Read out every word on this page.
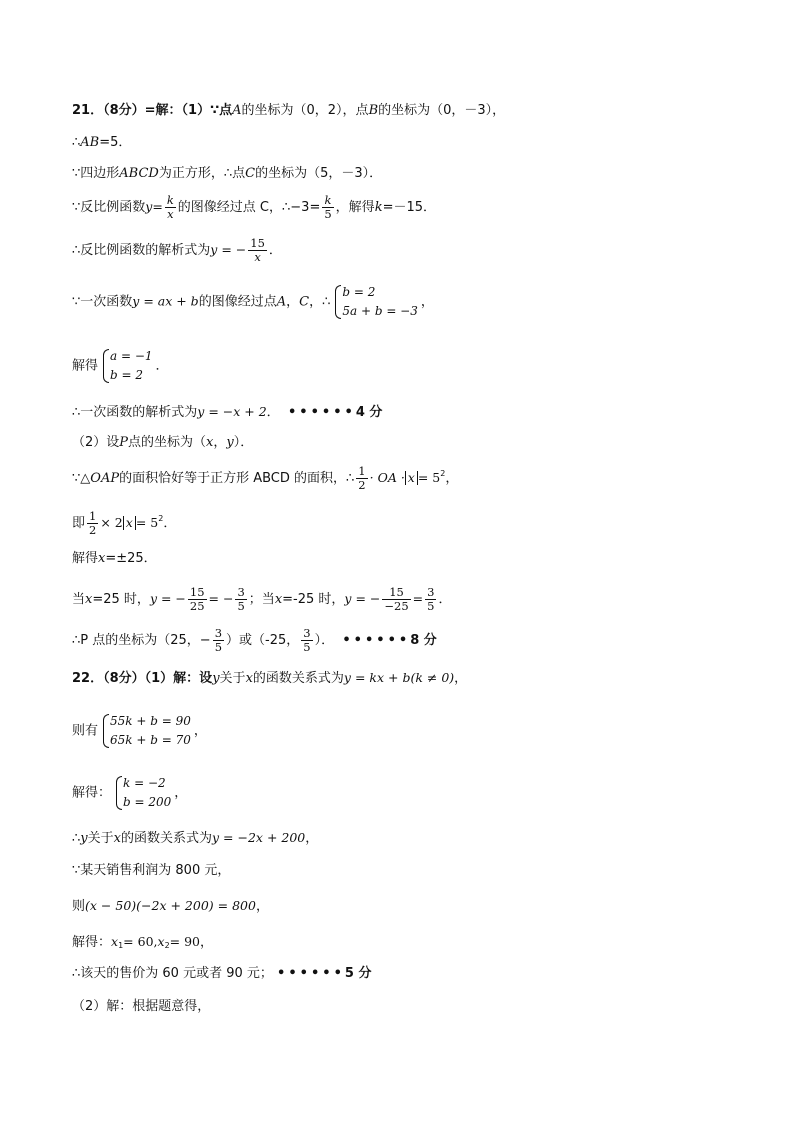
21．（8分）=解：（1）∵点A的坐标为（0，2），点B的坐标为（0，－3），
∴AB=5．
∵四边形ABCD为正方形，∴点C的坐标为（5，－3）．
∵反比例函数$y= \frac{k}{x}$ 的图像经过点 C，∴−3= $\frac{k}{5}$ ，解得k=－15．
∴反比例函数的解析式为y = − $\frac{15}{x}$ ．
∵一次函数y = ax + b的图像经过点A，C，∴
b = 2
5a + b = −3
，
解得
a = −1
b = 2
．
∴一次函数的解析式为y = −x + 2． ••••••4 分
（2）设P点的坐标为（x，y）．
∵△OAP的面积恰好等于正方形 ABCD 的面积，∴ $\frac{1}{2}$ · OA · $x = 5^2$，
即 $\frac{1}{2} \times 2$ $x = 5^2$．
解得x=±25．
当x=25 时，y = − $\frac{15}{25}$ = − $\frac{3}{5}$ ；当x=-25 时，y = − $\frac{15}{-25} = \frac{3}{5}$ ．
∴P 点的坐标为（25，− $\frac{3}{5}$ ）或（-25， $\frac{3}{5}$ ）． ••••••8 分
22．（8分）（1）解：设y关于x的函数关系式为y = kx + b(k ≠ 0)，
则有
55k + b = 90
65k + b = 70
，
解得：
k = −2
b = 200
，
∴y关于x的函数关系式为y = −2x + 200，
∵某天销售利润为 800 元，
则(x − 50)(−2x + 200) = 800，
解得：$x_1= 60,x_2= 90$，
∴该天的售价为 60 元或者 90 元； ••••••5 分
（2）解：根据题意得，
